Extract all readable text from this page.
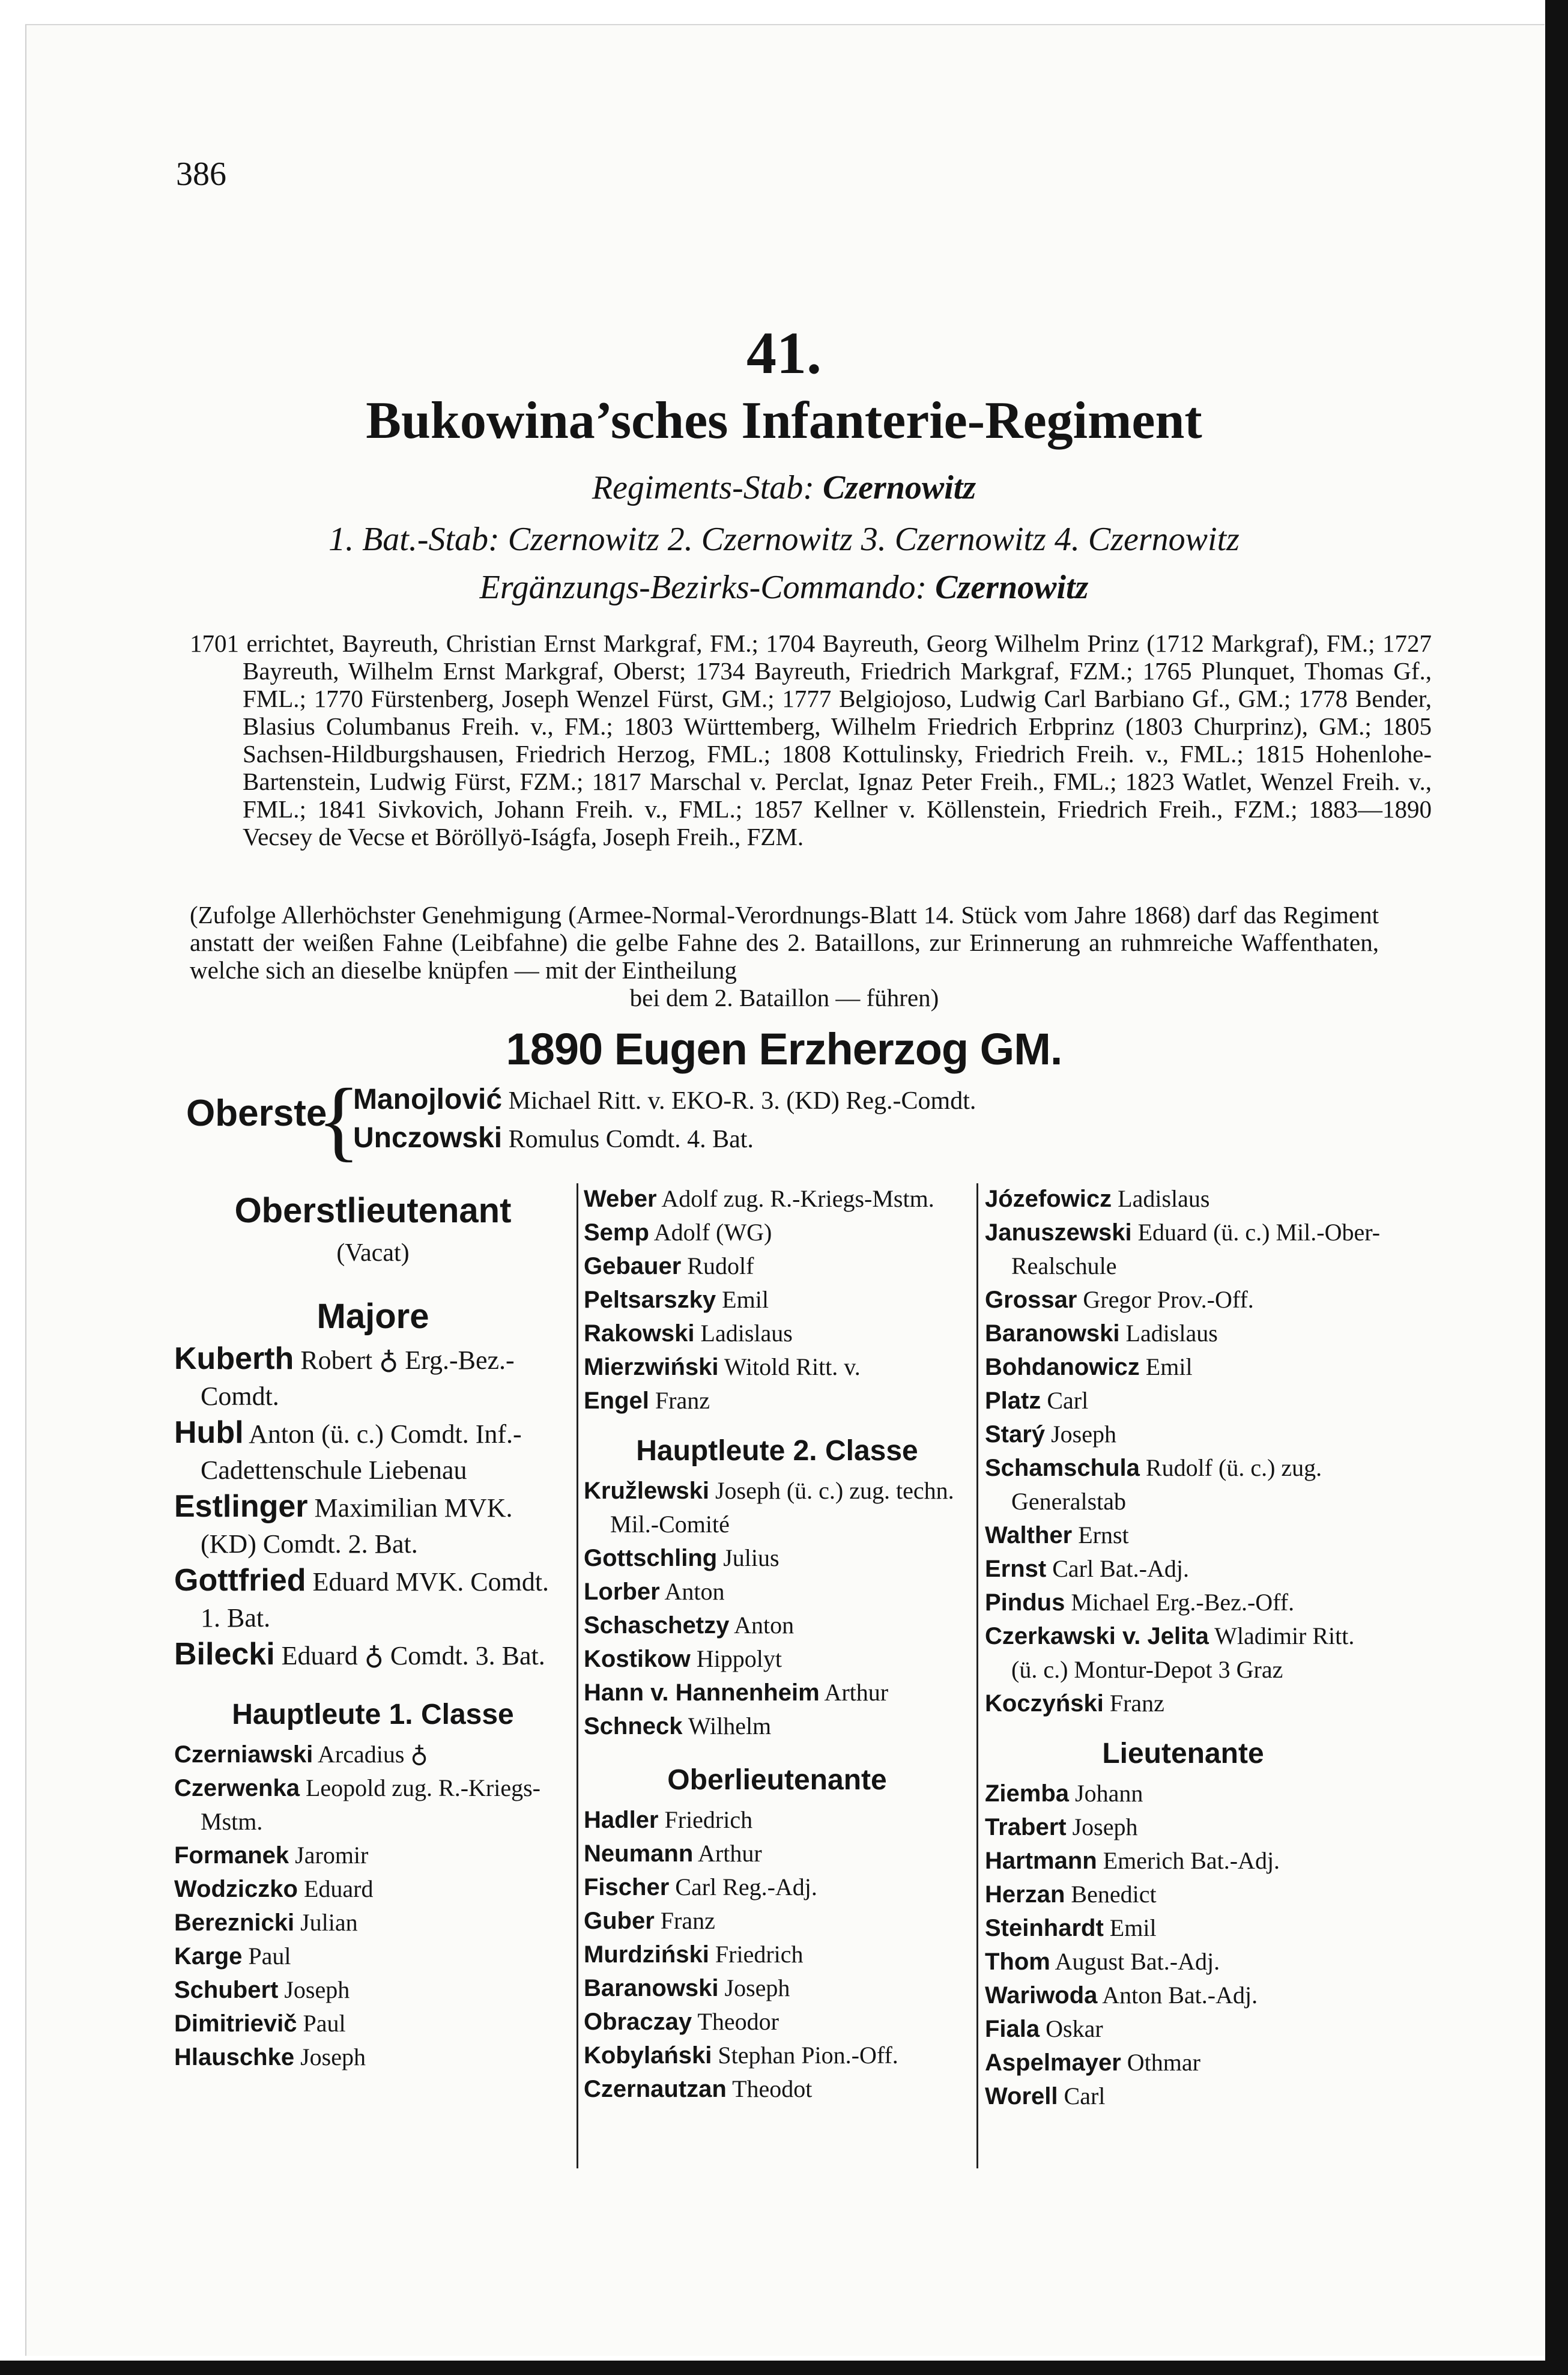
386
41.
Bukowina’sches Infanterie-Regiment
Regiments-Stab: Czernowitz
1. Bat.-Stab: Czernowitz 2. Czernowitz 3. Czernowitz 4. Czernowitz
Ergänzungs-Bezirks-Commando: Czernowitz
1701 errichtet, Bayreuth, Christian Ernst Markgraf, FM.; 1704 Bayreuth, Georg Wilhelm Prinz (1712 Markgraf), FM.; 1727 Bayreuth, Wilhelm Ernst Markgraf, Oberst; 1734 Bayreuth, Friedrich Markgraf, FZM.; 1765 Plunquet, Thomas Gf., FML.; 1770 Fürstenberg, Joseph Wenzel Fürst, GM.; 1777 Belgiojoso, Ludwig Carl Barbiano Gf., GM.; 1778 Bender, Blasius Columbanus Freih. v., FM.; 1803 Württemberg, Wilhelm Friedrich Erbprinz (1803 Churprinz), GM.; 1805 Sachsen-Hildburgshausen, Friedrich Herzog, FML.; 1808 Kottulinsky, Friedrich Freih. v., FML.; 1815 Hohenlohe-Bartenstein, Ludwig Fürst, FZM.; 1817 Marschal v. Perclat, Ignaz Peter Freih., FML.; 1823 Watlet, Wenzel Freih. v., FML.; 1841 Sivkovich, Johann Freih. v., FML.; 1857 Kellner v. Köllenstein, Friedrich Freih., FZM.; 1883—1890 Vecsey de Vecse et Böröllyö-Iságfa, Joseph Freih., FZM.
(Zufolge Allerhöchster Genehmigung (Armee-Normal-Verordnungs-Blatt 14. Stück vom Jahre 1868) darf das Regiment anstatt der weißen Fahne (Leibfahne) die gelbe Fahne des 2. Bataillons, zur Erinnerung an ruhmreiche Waffenthaten, welche sich an dieselbe knüpfen — mit der Eintheilung
bei dem 2. Bataillon — führen)
1890 Eugen Erzherzog GM.
Oberste
{
Manojlović Michael Ritt. v. EKO-R. 3. (KD) Reg.-Comdt.
Unczowski Romulus Comdt. 4. Bat.
Oberstlieutenant
(Vacat)
Majore
Kuberth Robert ♁ Erg.-Bez.-Comdt.
Hubl Anton (ü. c.) Comdt. Inf.-Cadettenschule Liebenau
Estlinger Maximilian MVK. (KD) Comdt. 2. Bat.
Gottfried Eduard MVK. Comdt. 1. Bat.
Bilecki Eduard ♁ Comdt. 3. Bat.
Hauptleute 1. Classe
Czerniawski Arcadius ♁
Czerwenka Leopold zug. R.-Kriegs-Mstm.
Formanek Jaromir
Wodziczko Eduard
Bereznicki Julian
Karge Paul
Schubert Joseph
Dimitrievič Paul
Hlauschke Joseph
Weber Adolf zug. R.-Kriegs-Mstm.
Semp Adolf (WG)
Gebauer Rudolf
Peltsarszky Emil
Rakowski Ladislaus
Mierzwiński Witold Ritt. v.
Engel Franz
Hauptleute 2. Classe
Kružlewski Joseph (ü. c.) zug. techn. Mil.-Comité
Gottschling Julius
Lorber Anton
Schaschetzy Anton
Kostikow Hippolyt
Hann v. Hannenheim Arthur
Schneck Wilhelm
Oberlieutenante
Hadler Friedrich
Neumann Arthur
Fischer Carl Reg.-Adj.
Guber Franz
Murdziński Friedrich
Baranowski Joseph
Obraczay Theodor
Kobylański Stephan Pion.-Off.
Czernautzan Theodot
Józefowicz Ladislaus
Januszewski Eduard (ü. c.) Mil.-Ober-Realschule
Grossar Gregor Prov.-Off.
Baranowski Ladislaus
Bohdanowicz Emil
Platz Carl
Starý Joseph
Schamschula Rudolf (ü. c.) zug. Generalstab
Walther Ernst
Ernst Carl Bat.-Adj.
Pindus Michael Erg.-Bez.-Off.
Czerkawski v. Jelita Wladimir Ritt. (ü. c.) Montur-Depot 3 Graz
Koczyński Franz
Lieutenante
Ziemba Johann
Trabert Joseph
Hartmann Emerich Bat.-Adj.
Herzan Benedict
Steinhardt Emil
Thom August Bat.-Adj.
Wariwoda Anton Bat.-Adj.
Fiala Oskar
Aspelmayer Othmar
Worell Carl
